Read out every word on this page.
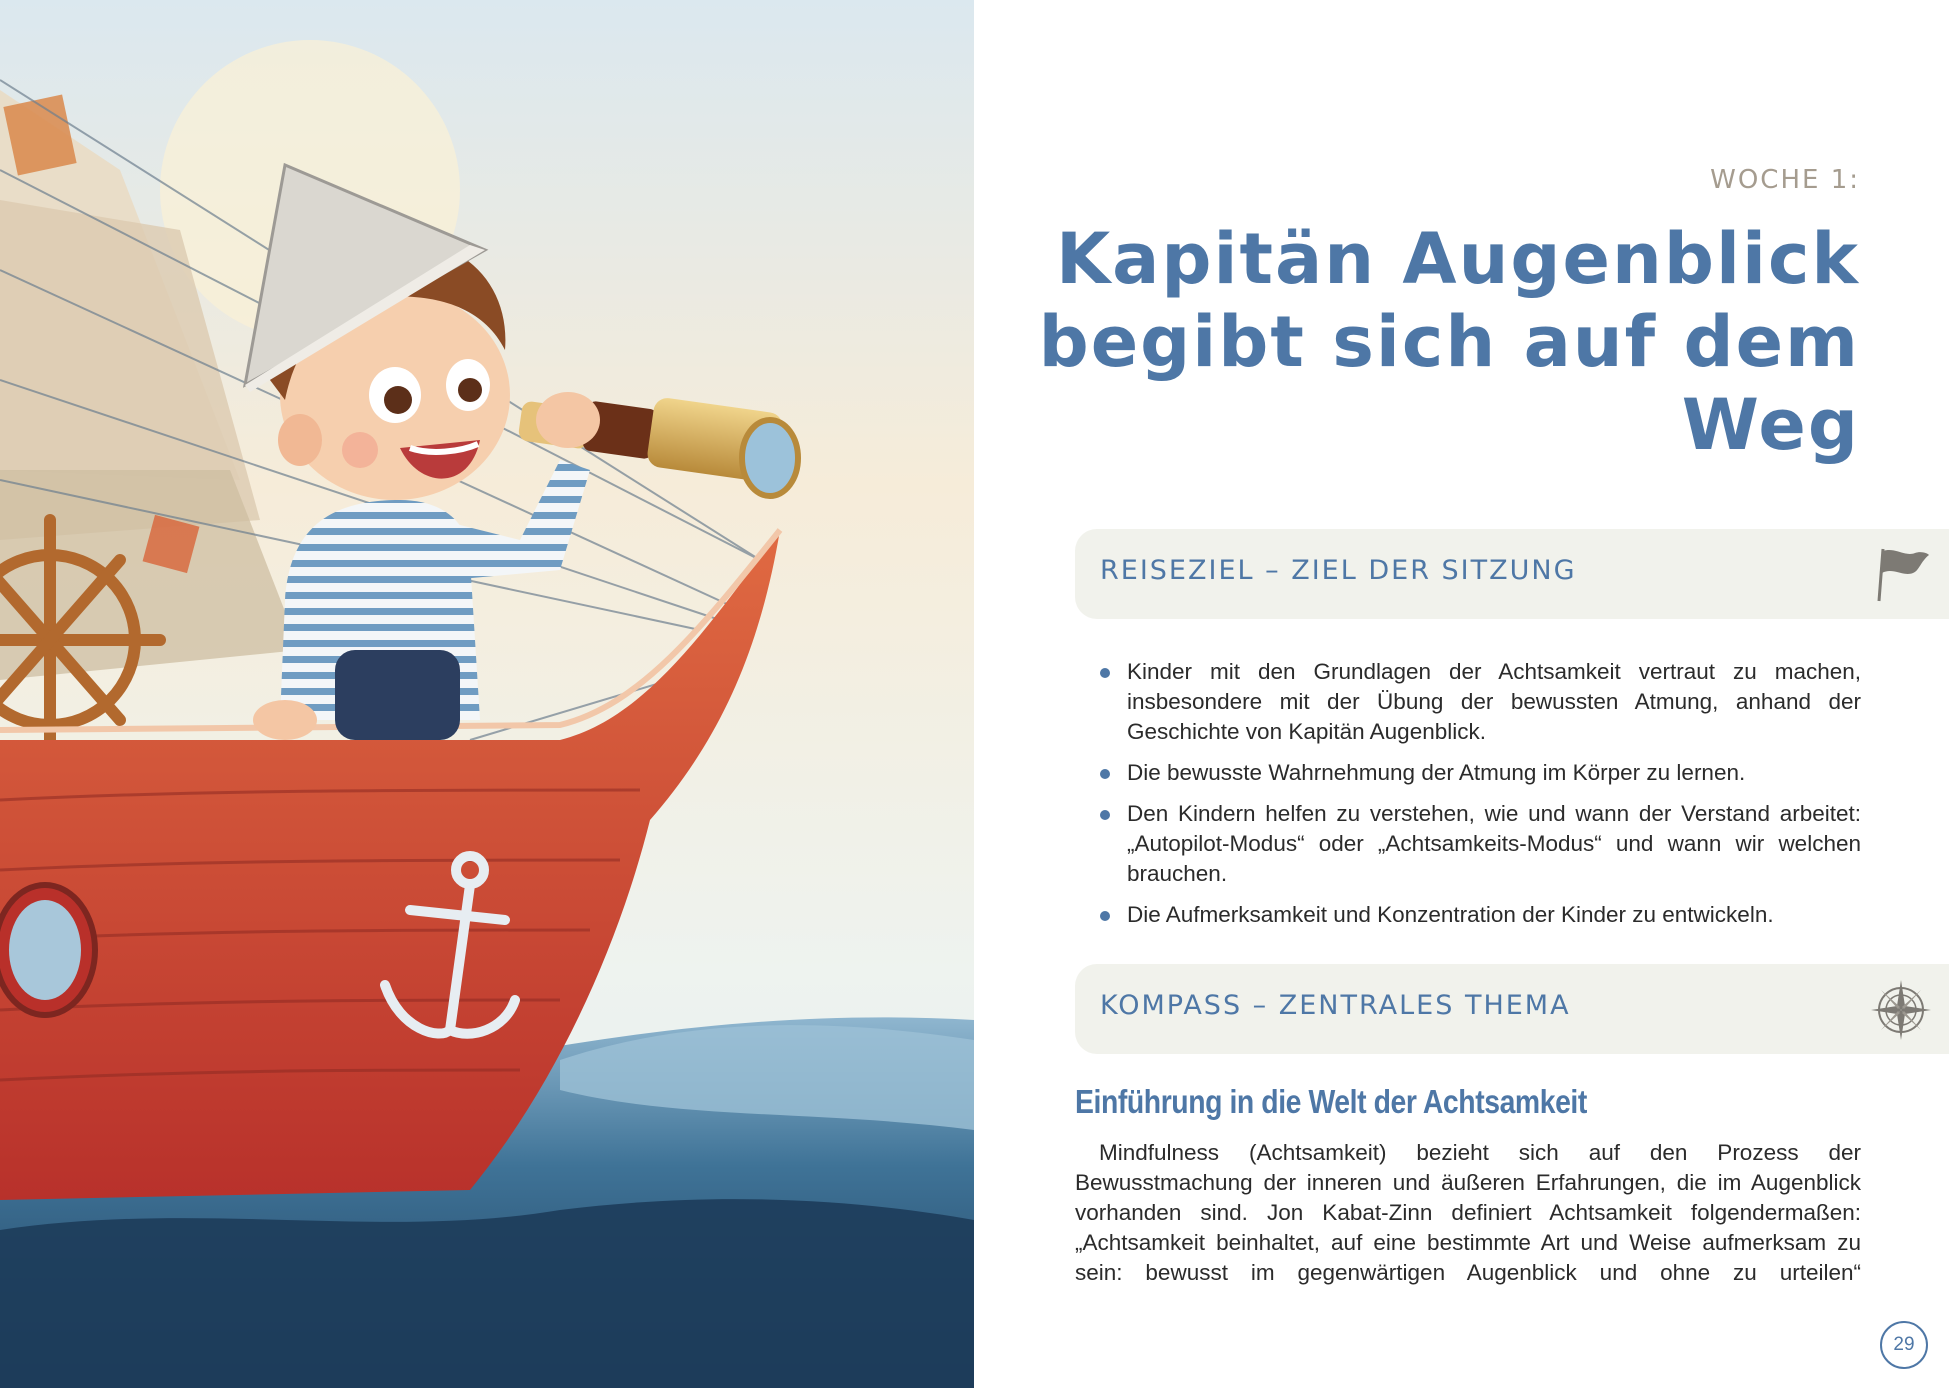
WOCHE 1:
Kapitän Augenblick begibt sich auf dem Weg
REISEZIEL – ZIEL DER SITZUNG
Kinder mit den Grundlagen der Achtsamkeit vertraut zu machen, insbesondere mit der Übung der bewussten Atmung, anhand der Geschichte von Kapitän Augenblick.
Die bewusste Wahrnehmung der Atmung im Körper zu lernen.
Den Kindern helfen zu verstehen, wie und wann der Verstand arbeitet: „Autopilot-Modus“ oder „Achtsamkeits-Modus“ und wann wir welchen brauchen.
Die Aufmerksamkeit und Konzentration der Kinder zu entwickeln.
KOMPASS – ZENTRALES THEMA
Einführung in die Welt der Achtsamkeit

Mindfulness (Achtsamkeit) bezieht sich auf den Prozess der Bewusstmachung der inneren und äußeren Erfahrungen, die im Augenblick vorhanden sind. Jon Kabat-Zinn definiert Achtsamkeit folgendermaßen: „Achtsamkeit beinhaltet, auf eine bestimmte Art und Weise aufmerksam zu sein: bewusst im gegenwärtigen Augenblick und ohne zu urteilen“

29
